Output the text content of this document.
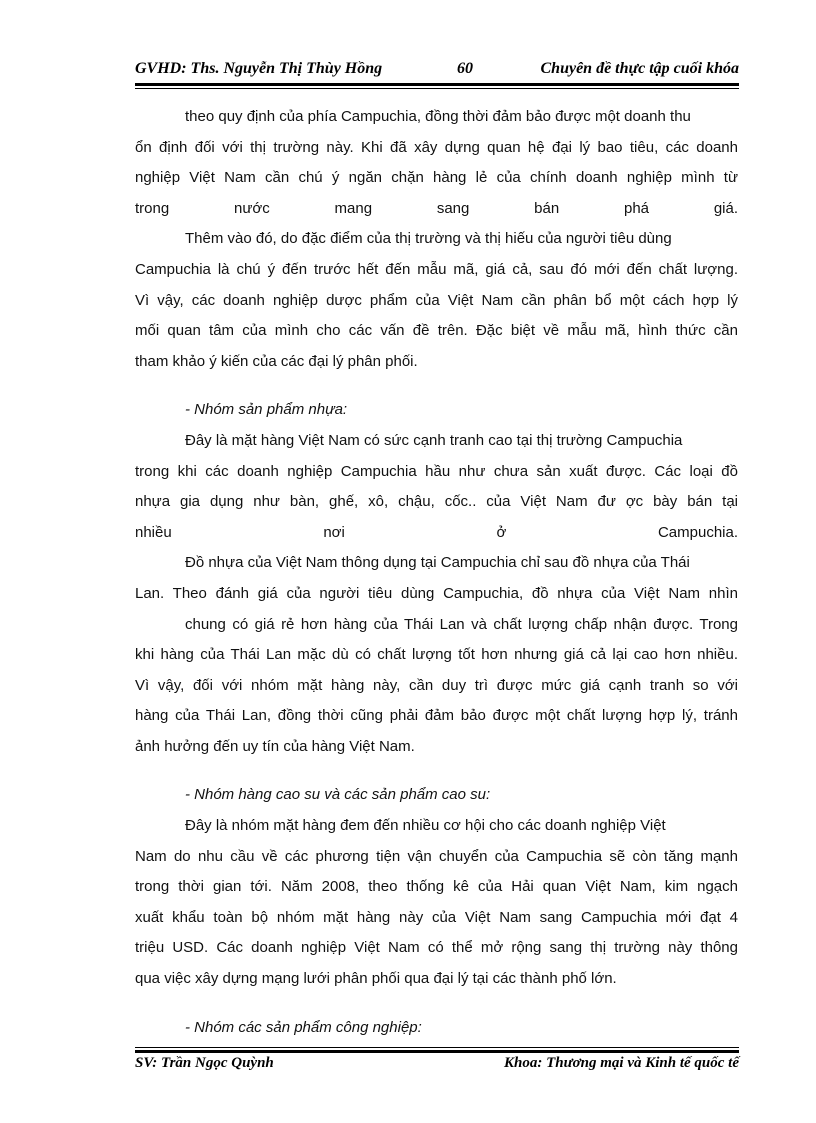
GVHD: Ths. Nguyễn Thị Thùy Hồng	60	Chuyên đề thực tập cuối khóa
theo quy định của phía Campuchia, đồng thời đảm bảo được một doanh thu
ổn định đối với thị trường này. Khi đã xây dựng quan hệ đại lý bao tiêu, các doanh
nghiệp Việt Nam cần chú ý ngăn chặn hàng lẻ của chính doanh nghiệp mình từ
trong nước mang sang bán phá giá.
Thêm vào đó, do đặc điểm của thị trường và thị hiếu của người tiêu dùng
Campuchia là chú ý đến trước hết đến mẫu mã, giá cả, sau đó mới đến chất lượng.
Vì vậy, các doanh nghiệp dược phẩm của Việt Nam cần phân bổ một cách hợp lý
mối quan tâm của mình cho các vấn đề trên. Đặc biệt về mẫu mã, hình thức cần
tham khảo ý kiến của các đại lý phân phối.

- Nhóm sản phẩm nhựa:

Đây là mặt hàng Việt Nam có sức cạnh tranh cao tại thị trường Campuchia
trong khi các doanh nghiệp Campuchia hầu như chưa sản xuất được. Các loại đồ
nhựa gia dụng như bàn, ghế, xô, chậu, cốc.. của Việt Nam đư ợc bày bán tại
nhiều nơi ở Campuchia.
Đồ nhựa của Việt Nam thông dụng tại Campuchia chỉ sau đồ nhựa của Thái
Lan. Theo đánh giá của người tiêu dùng Campuchia, đồ nhựa của Việt Nam nhìn
chung có giá rẻ hơn hàng của Thái Lan và chất lượng chấp nhận được. Trong
khi hàng của Thái Lan mặc dù có chất lượng tốt hơn nhưng giá cả lại cao hơn nhiều.
Vì vậy, đối với nhóm mặt hàng này, cần duy trì được mức giá cạnh tranh so với
hàng của Thái Lan, đồng thời cũng phải đảm bảo được một chất lượng hợp lý, tránh
ảnh hưởng đến uy tín của hàng Việt Nam.

- Nhóm hàng cao su và các sản phẩm cao su:

Đây là nhóm mặt hàng đem đến nhiều cơ hội cho các doanh nghiệp Việt
Nam do nhu cầu về các phương tiện vận chuyển của Campuchia sẽ còn tăng mạnh
trong thời gian tới. Năm 2008, theo thống kê của Hải quan Việt Nam, kim ngạch
xuất khẩu toàn bộ nhóm mặt hàng này của Việt Nam sang Campuchia mới đạt 4
triệu USD. Các doanh nghiệp Việt Nam có thể mở rộng sang thị trường này thông
qua việc xây dựng mạng lưới phân phối qua đại lý tại các thành phố lớn.

- Nhóm các sản phẩm công nghiệp:

SV: Trần Ngọc Quỳnh	Khoa: Thương mại và Kinh tế quốc tế
